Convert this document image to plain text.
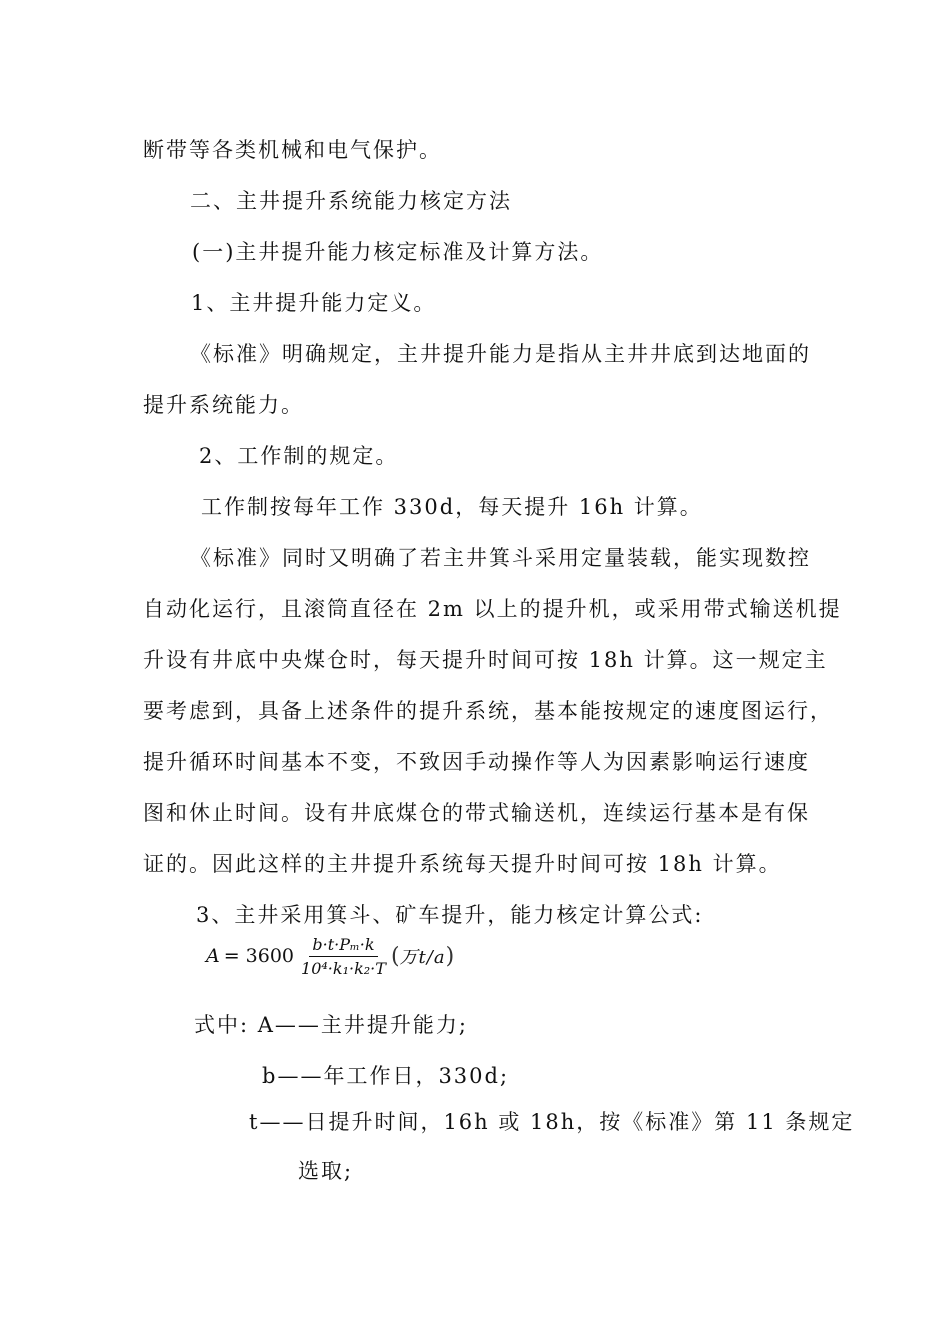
断带等各类机械和电气保护。
二、主井提升系统能力核定方法
(一)主井提升能力核定标准及计算方法。
1、主井提升能力定义。
《标准》明确规定，主井提升能力是指从主井井底到达地面的
提升系统能力。
2、工作制的规定。
工作制按每年工作 330d，每天提升 16h 计算。
《标准》同时又明确了若主井箕斗采用定量装载，能实现数控
自动化运行，且滚筒直径在 2m 以上的提升机，或采用带式输送机提
升设有井底中央煤仓时，每天提升时间可按 18h 计算。这一规定主
要考虑到，具备上述条件的提升系统，基本能按规定的速度图运行，
提升循环时间基本不变，不致因手动操作等人为因素影响运行速度
图和休止时间。设有井底煤仓的带式输送机，连续运行基本是有保
证的。因此这样的主井提升系统每天提升时间可按 18h 计算。
3、主井采用箕斗、矿车提升，能力核定计算公式:
$A = 3600 \frac{\text{b·t·Pₘ·k}}{\text{10⁴·k₁·k₂·T}}$ ( 万t/a )
式中: A——主井提升能力;
b——年工作日，330d;
t——日提升时间，16h 或 18h，按《标准》第 11 条规定
选取;
